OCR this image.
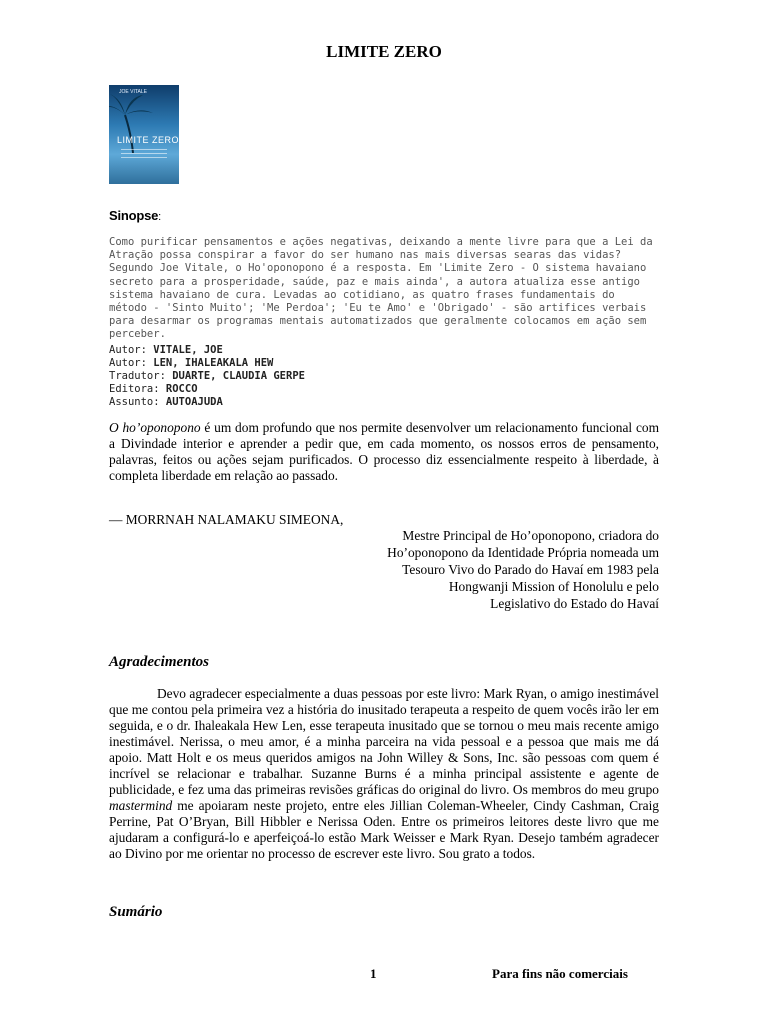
LIMITE ZERO
JOE VITALE
LIMITE ZERO
Sinopse:
Como purificar pensamentos e ações negativas, deixando a mente livre para que a Lei da Atração possa conspirar a favor do ser humano nas mais diversas searas das vidas? Segundo Joe Vitale, o Ho'oponopono é a resposta. Em 'Limite Zero - O sistema havaiano secreto para a prosperidade, saúde, paz e mais ainda', a autora atualiza esse antigo sistema havaiano de cura. Levadas ao cotidiano, as quatro frases fundamentais do método - 'Sinto Muito'; 'Me Perdoa'; 'Eu te Amo' e 'Obrigado' - são artifices verbais para desarmar os programas mentais automatizados que geralmente colocamos em ação sem perceber.
Autor: VITALE, JOE
Autor: LEN, IHALEAKALA HEW
Tradutor: DUARTE, CLAUDIA GERPE
Editora: ROCCO
Assunto: AUTOAJUDA
O ho’oponopono é um dom profundo que nos permite desenvolver um relacionamento funcional com a Divindade interior e aprender a pedir que, em cada momento, os nossos erros de pensamento, palavras, feitos ou ações sejam purificados. O processo diz essencialmente respeito à liberdade, à completa liberdade em relação ao passado.
— MORRNAH NALAMAKU SIMEONA,
Mestre Principal de Ho’oponopono, criadora do
Ho’oponopono da Identidade Própria nomeada um
Tesouro Vivo do Parado do Havaí em 1983 pela
Hongwanji Mission of Honolulu e pelo
Legislativo do Estado do Havaí
Agradecimentos

Devo agradecer especialmente a duas pessoas por este livro: Mark Ryan, o amigo inestimável que me contou pela primeira vez a história do inusitado terapeuta a respeito de quem vocês irão ler em seguida, e o dr. Ihaleakala Hew Len, esse terapeuta inusitado que se tornou o meu mais recente amigo inestimável. Nerissa, o meu amor, é a minha parceira na vida pessoal e a pessoa que mais me dá apoio. Matt Holt e os meus queridos amigos na John Willey & Sons, Inc. são pessoas com quem é incrível se relacionar e trabalhar. Suzanne Burns é a minha principal assistente e agente de publicidade, e fez uma das primeiras revisões gráficas do original do livro. Os membros do meu grupo mastermind me apoiaram neste projeto, entre eles Jillian Coleman-Wheeler, Cindy Cashman, Craig Perrine, Pat O’Bryan, Bill Hibbler e Nerissa Oden. Entre os primeiros leitores deste livro que me ajudaram a configurá-lo e aperfeiçoá-lo estão Mark Weisser e Mark Ryan. Desejo também agradecer ao Divino por me orientar no processo de escrever este livro. Sou grato a todos.

Sumário
1	Para fins não comerciais
